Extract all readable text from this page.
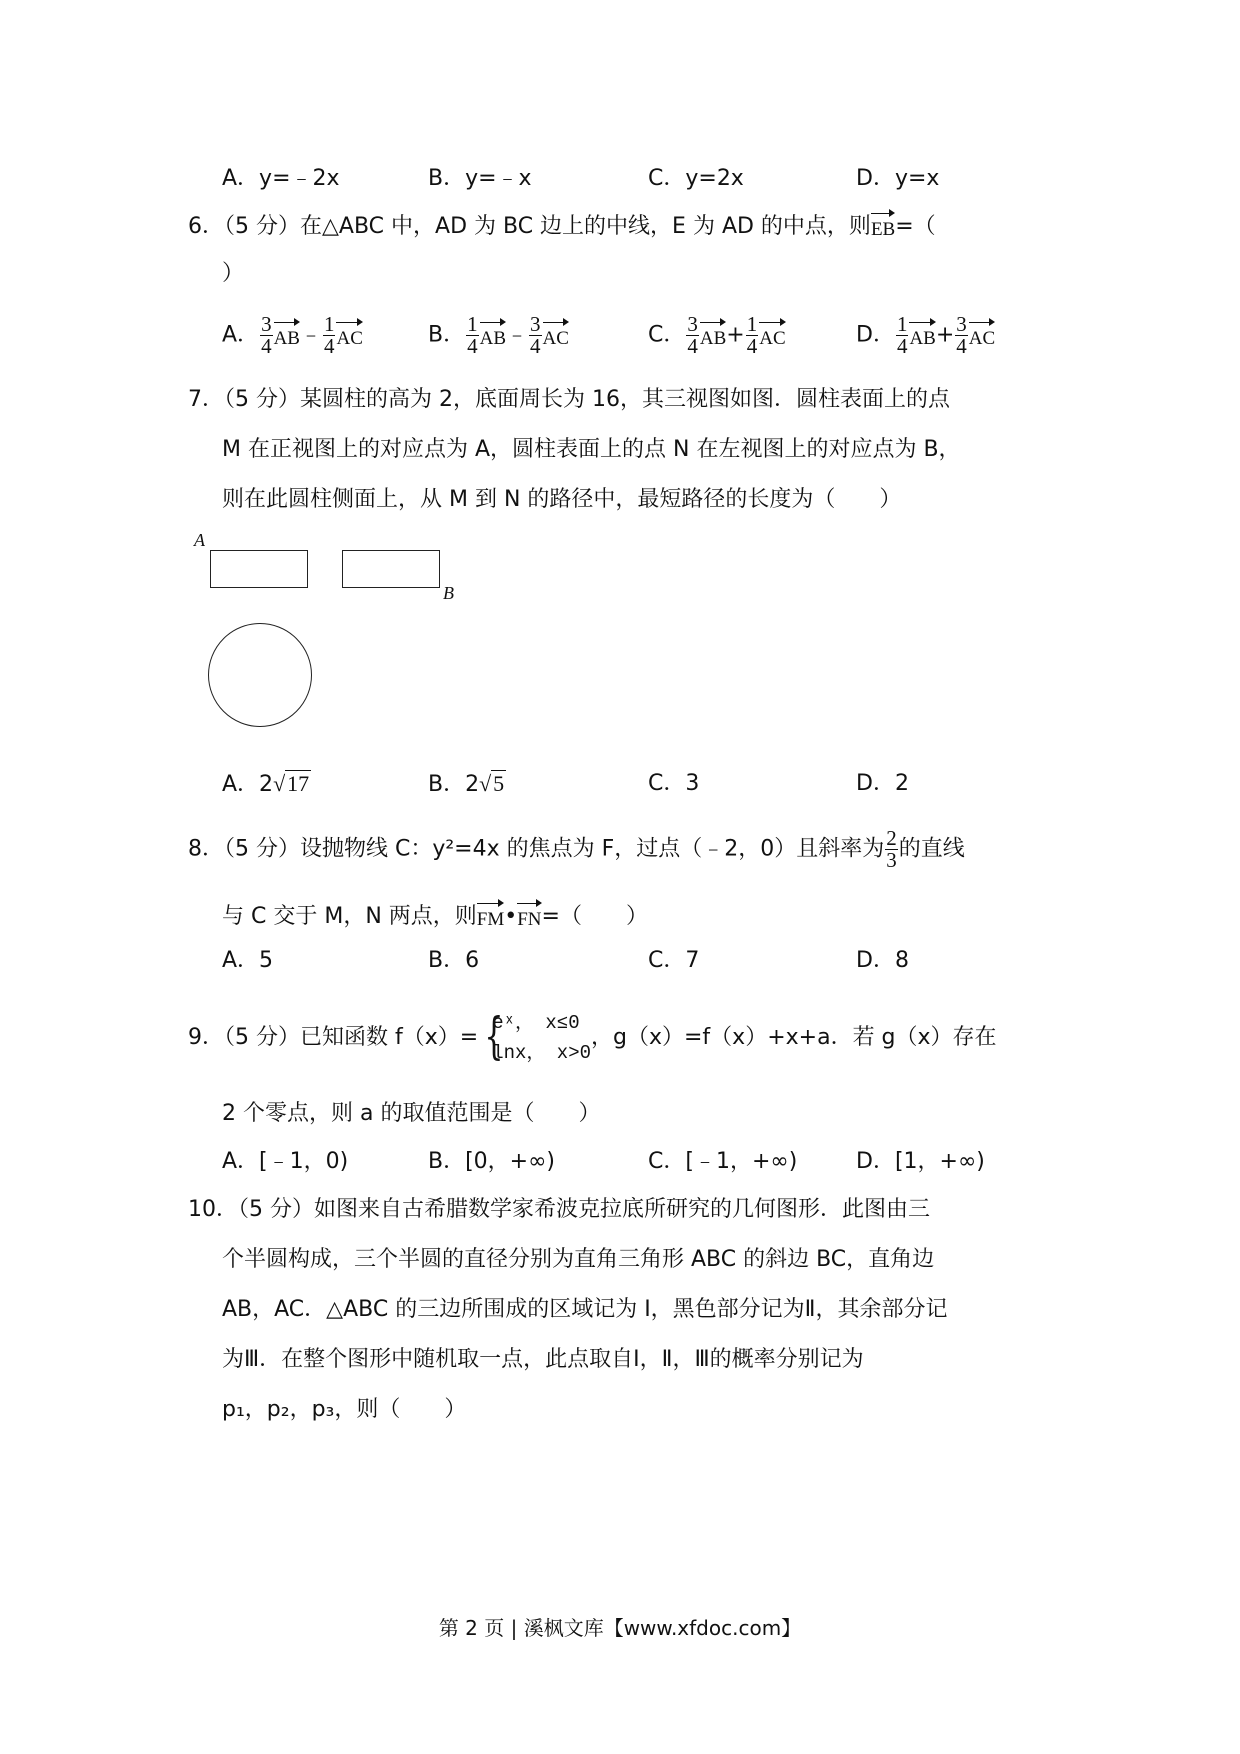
A．y=﹣2x	B．y=﹣x	C．y=2x	D．y=x
6．（5 分）在△ABC 中，AD 为 BC 边上的中线，E 为 AD 的中点，则EB=（
）
A． $\frac{3}{4}$ AB﹣ $\frac{1}{4}$ AC	B． $\frac{1}{4}$ AB﹣ $\frac{3}{4}$ AC	C． $\frac{3}{4} AB+ \frac{1}{4}$ AC	D． $\frac{1}{4} AB+ \frac{3}{4}$ AC
7．（5 分）某圆柱的高为 2，底面周长为 16，其三视图如图．圆柱表面上的点
M 在正视图上的对应点为 A，圆柱表面上的点 N 在左视图上的对应点为 B，
则在此圆柱侧面上，从 M 到 N 的路径中，最短路径的长度为（　　）
A
B
A．2√17	B．2√5	C．3	D．2
8．（5 分）设抛物线 C：y²=4x 的焦点为 F，过点（﹣2，0）且斜率为 $\frac{2}{3}$ 的直线
与 C 交于 M，N 两点，则FM•FN=（　　）
A．5	B．6	C．7	D．8
9．（5 分）已知函数 f（x）= {
eˣ， x≤0
lnx， x>0
，g（x）=f（x）+x+a．若 g（x）存在
2 个零点，则 a 的取值范围是（　　）
A．[﹣1，0)	B．[0，+∞)	C．[﹣1，+∞)	D．[1，+∞)
10．（5 分）如图来自古希腊数学家希波克拉底所研究的几何图形．此图由三
个半圆构成，三个半圆的直径分别为直角三角形 ABC 的斜边 BC，直角边
AB，AC．△ABC 的三边所围成的区域记为 I，黑色部分记为Ⅱ，其余部分记
为Ⅲ．在整个图形中随机取一点，此点取自Ⅰ，Ⅱ，Ⅲ的概率分别记为
p₁，p₂，p₃，则（　　）
第 2 页 | 溪枫文库【www.xfdoc.com】
